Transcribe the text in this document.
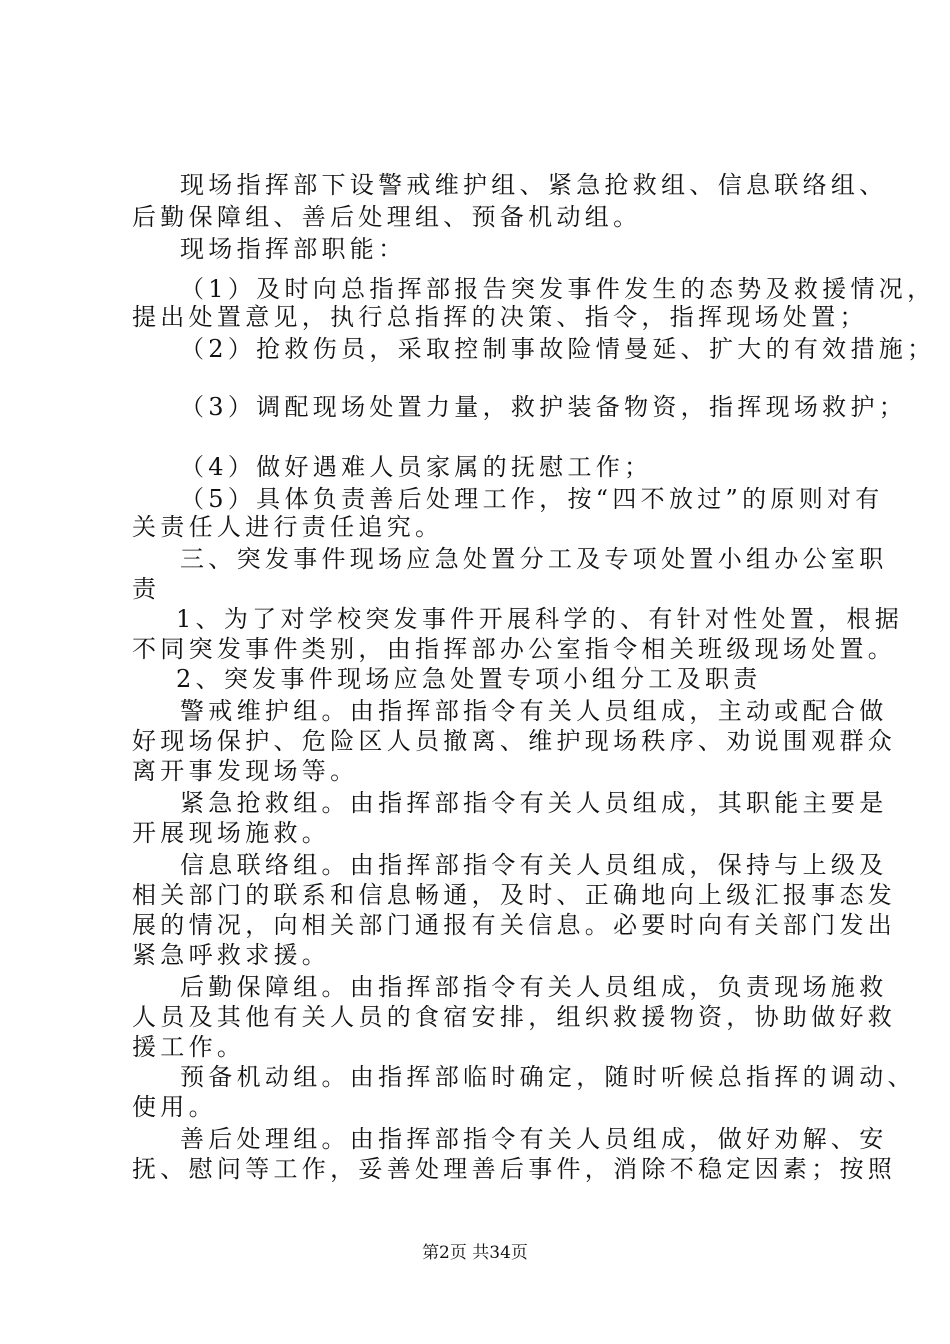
现场指挥部下设警戒维护组、紧急抢救组、信息联络组、
后勤保障组、善后处理组、预备机动组。
现场指挥部职能：
（1）及时向总指挥部报告突发事件发生的态势及救援情况，
提出处置意见，执行总指挥的决策、指令，指挥现场处置；
（2）抢救伤员，采取控制事故险情曼延、扩大的有效措施；
（3）调配现场处置力量，救护装备物资，指挥现场救护；
（4）做好遇难人员家属的抚慰工作；
（5）具体负责善后处理工作，按“四不放过”的原则对有
关责任人进行责任追究。
三、突发事件现场应急处置分工及专项处置小组办公室职
责
1、为了对学校突发事件开展科学的、有针对性处置，根据
不同突发事件类别，由指挥部办公室指令相关班级现场处置。
2、突发事件现场应急处置专项小组分工及职责
警戒维护组。由指挥部指令有关人员组成，主动或配合做
好现场保护、危险区人员撤离、维护现场秩序、劝说围观群众
离开事发现场等。
紧急抢救组。由指挥部指令有关人员组成，其职能主要是
开展现场施救。
信息联络组。由指挥部指令有关人员组成，保持与上级及
相关部门的联系和信息畅通，及时、正确地向上级汇报事态发
展的情况，向相关部门通报有关信息。必要时向有关部门发出
紧急呼救求援。
后勤保障组。由指挥部指令有关人员组成，负责现场施救
人员及其他有关人员的食宿安排，组织救援物资，协助做好救
援工作。
预备机动组。由指挥部临时确定，随时听候总指挥的调动、
使用。
善后处理组。由指挥部指令有关人员组成，做好劝解、安
抚、慰问等工作，妥善处理善后事件，消除不稳定因素；按照
第2页 共34页
